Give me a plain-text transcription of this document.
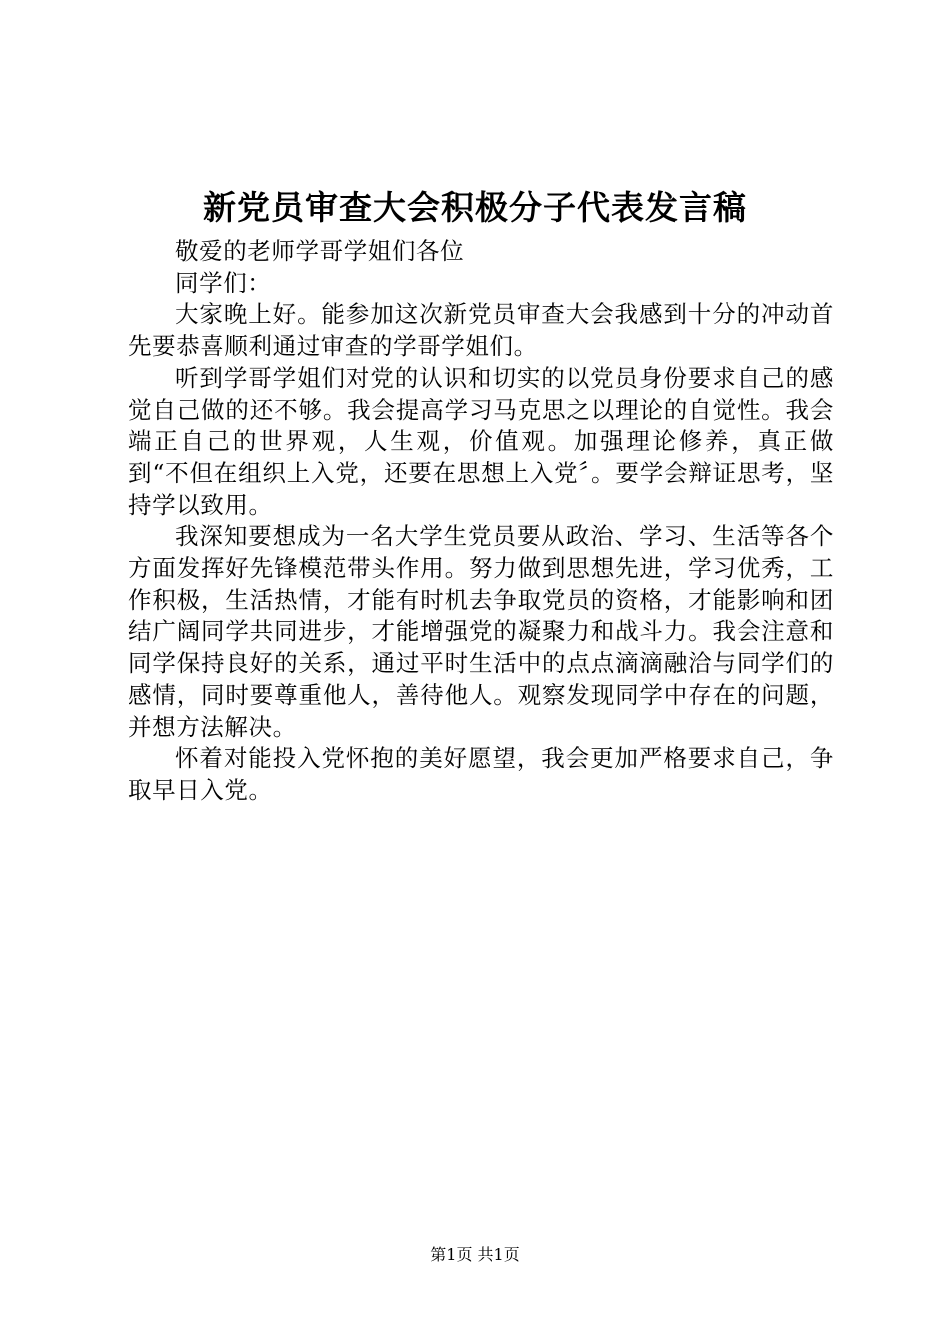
新党员审查大会积极分子代表发言稿

敬爱的老师学哥学姐们各位

同学们：

大家晚上好。能参加这次新党员审查大会我感到十分的冲动首先要恭喜顺利通过审查的学哥学姐们。

听到学哥学姐们对党的认识和切实的以党员身份要求自己的感觉自己做的还不够。我会提高学习马克思之以理论的自觉性。我会端正自己的世界观，人生观，价值观。加强理论修养，真正做到“不但在组织上入党，还要在思想上入党〞。要学会辩证思考，坚持学以致用。

我深知要想成为一名大学生党员要从政治、学习、生活等各个方面发挥好先锋模范带头作用。努力做到思想先进，学习优秀，工作积极，生活热情，才能有时机去争取党员的资格，才能影响和团结广阔同学共同进步，才能增强党的凝聚力和战斗力。我会注意和同学保持良好的关系，通过平时生活中的点点滴滴融洽与同学们的感情，同时要尊重他人，善待他人。观察发现同学中存在的问题，并想方法解决。

怀着对能投入党怀抱的美好愿望，我会更加严格要求自己，争取早日入党。

第1页 共1页
